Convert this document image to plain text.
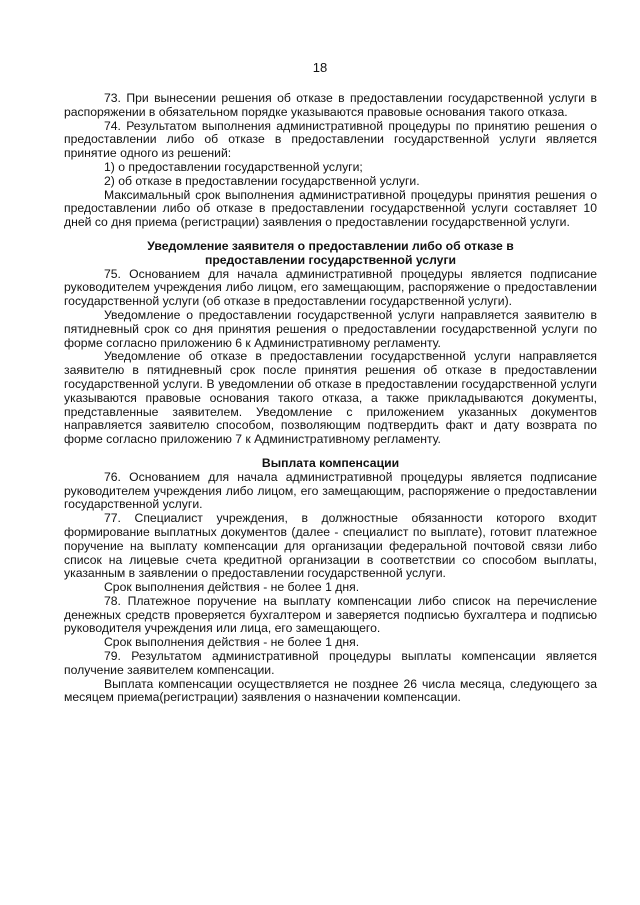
18

73. При вынесении решения об отказе в предоставлении государственной услуги в распоряжении в обязательном порядке указываются правовые основания такого отказа.

74. Результатом выполнения административной процедуры по принятию решения о предоставлении либо об отказе в предоставлении государственной услуги является принятие одного из решений:

1) о предоставлении государственной услуги;

2) об отказе в предоставлении государственной услуги.

Максимальный срок выполнения административной процедуры принятия решения о предоставлении либо об отказе в предоставлении государственной услуги составляет 10 дней со дня приема (регистрации) заявления о предоставлении государственной услуги.

Уведомление заявителя о предоставлении либо об отказе в предоставлении государственной услуги

75. Основанием для начала административной процедуры является подписание руководителем учреждения либо лицом, его замещающим, распоряжение о предоставлении государственной услуги (об отказе в предоставлении государственной услуги).

Уведомление о предоставлении государственной услуги направляется заявителю в пятидневный срок со дня принятия решения о предоставлении государственной услуги по форме согласно приложению 6 к Административному регламенту.

Уведомление об отказе в предоставлении государственной услуги направляется заявителю в пятидневный срок после принятия решения об отказе в предоставлении государственной услуги. В уведомлении об отказе в предоставлении государственной услуги указываются правовые основания такого отказа, а также прикладываются документы, представленные заявителем. Уведомление с приложением указанных документов направляется заявителю способом, позволяющим подтвердить факт и дату возврата по форме согласно приложению 7 к Административному регламенту.

Выплата компенсации

76. Основанием для начала административной процедуры является подписание руководителем учреждения либо лицом, его замещающим, распоряжение о предоставлении государственной услуги.

77. Специалист учреждения, в должностные обязанности которого входит формирование выплатных документов (далее - специалист по выплате), готовит платежное поручение на выплату компенсации для организации федеральной почтовой связи либо список на лицевые счета кредитной организации в соответствии со способом выплаты, указанным в заявлении о предоставлении государственной услуги.

Срок выполнения действия - не более 1 дня.

78. Платежное поручение на выплату компенсации либо список на перечисление денежных средств проверяется бухгалтером и заверяется подписью бухгалтера и подписью руководителя учреждения или лица, его замещающего.

Срок выполнения действия - не более 1 дня.

79. Результатом административной процедуры выплаты компенсации является получение заявителем компенсации.

Выплата компенсации осуществляется не позднее 26 числа месяца, следующего за месяцем приема(регистрации) заявления о назначении компенсации.
